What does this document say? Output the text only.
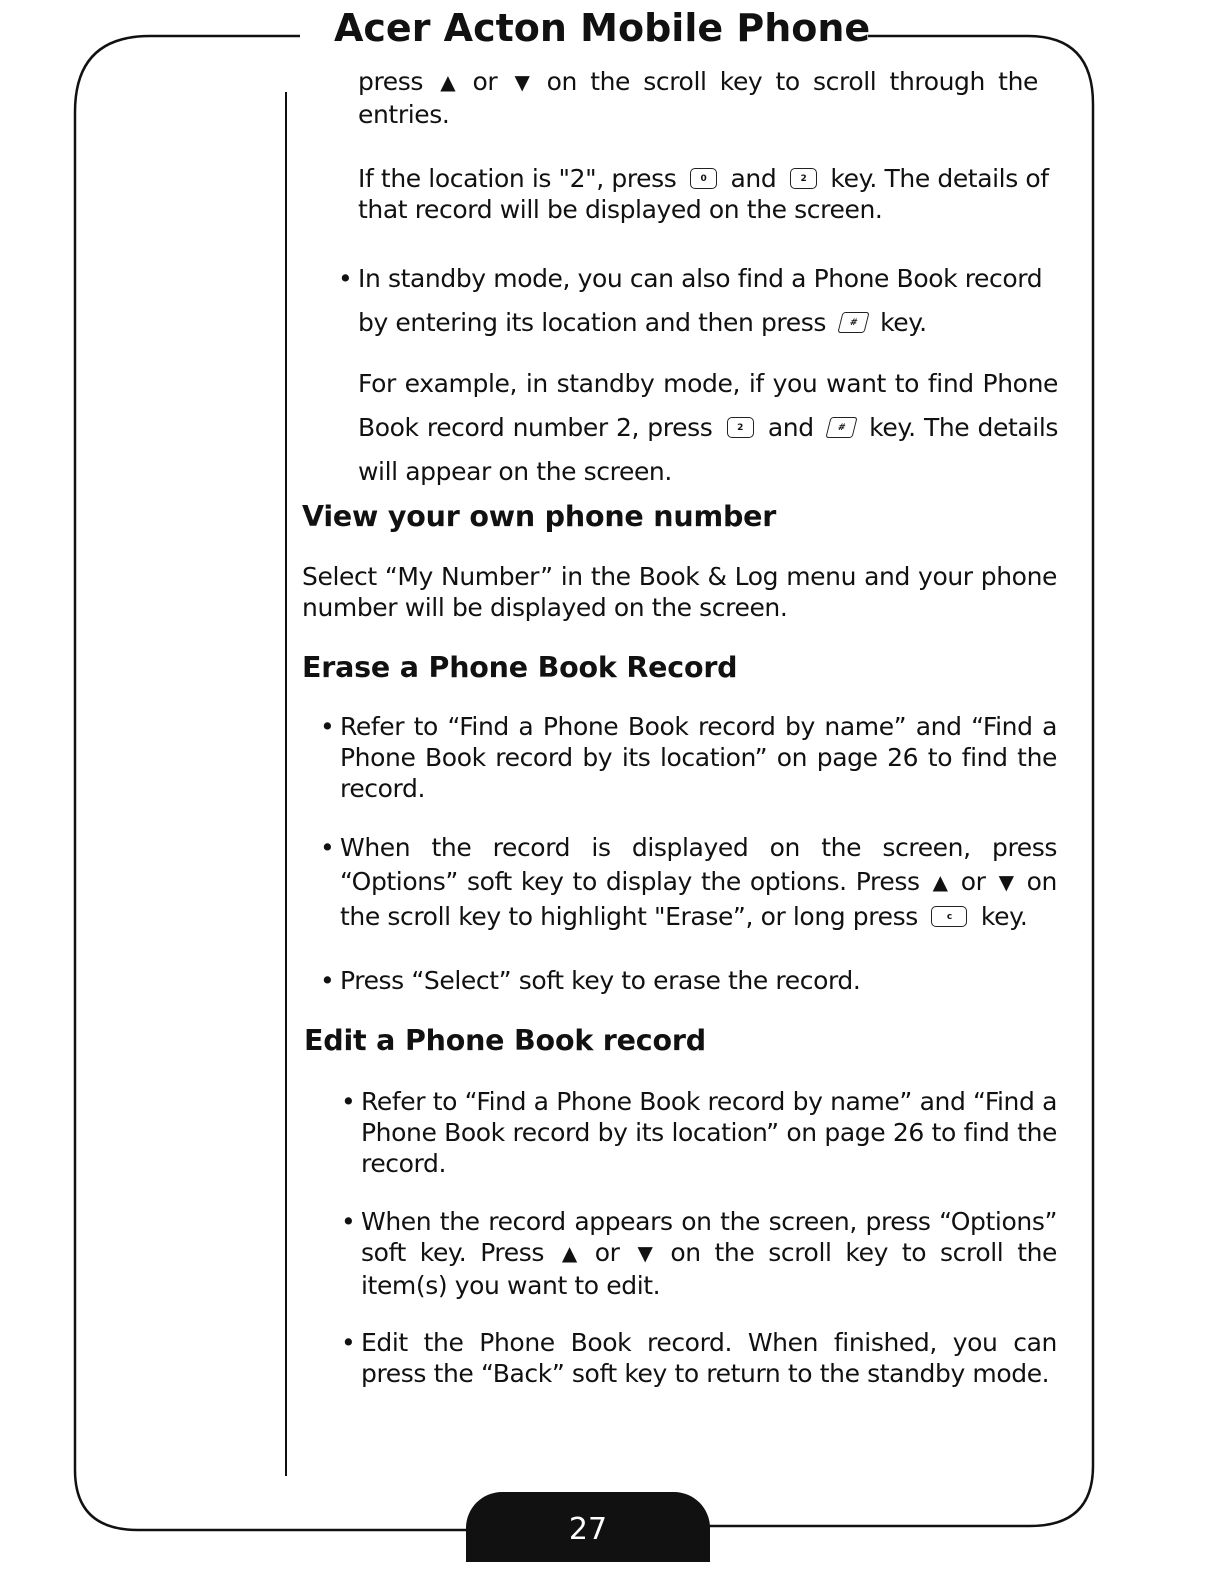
Acer Acton Mobile Phone

press ▲ or ▼ on the scroll key to scroll through the entries.

If the location is "2", press	0 and	2 key. The details of that record will be displayed on the screen.

• In standby mode, you can also find a Phone Book record by entering its location and then press # key.

For example, in standby mode, if you want to find Phone Book record number 2, press	2 and	# key. The details will appear on the screen.

View your own phone number
Select “My Number” in the Book & Log menu and your phone number will be displayed on the screen.
Erase a Phone Book Record
• Refer to “Find a Phone Book record by name” and “Find a Phone Book record by its location” on page 26 to find the record.
• When the record is displayed on the screen, press “Options” soft key to display the options. Press ▲ or ▼ on the scroll key to highlight "Erase”, or long press	c key.
• Press “Select” soft key to erase the record.
Edit a Phone Book record
• Refer to “Find a Phone Book record by name” and “Find a Phone Book record by its location” on page 26 to find the record.
• When the record appears on the screen, press “Options” soft key. Press ▲ or ▼ on the scroll key to scroll the item(s) you want to edit.
• Edit the Phone Book record. When finished, you can press the “Back” soft key to return to the standby mode.
27
